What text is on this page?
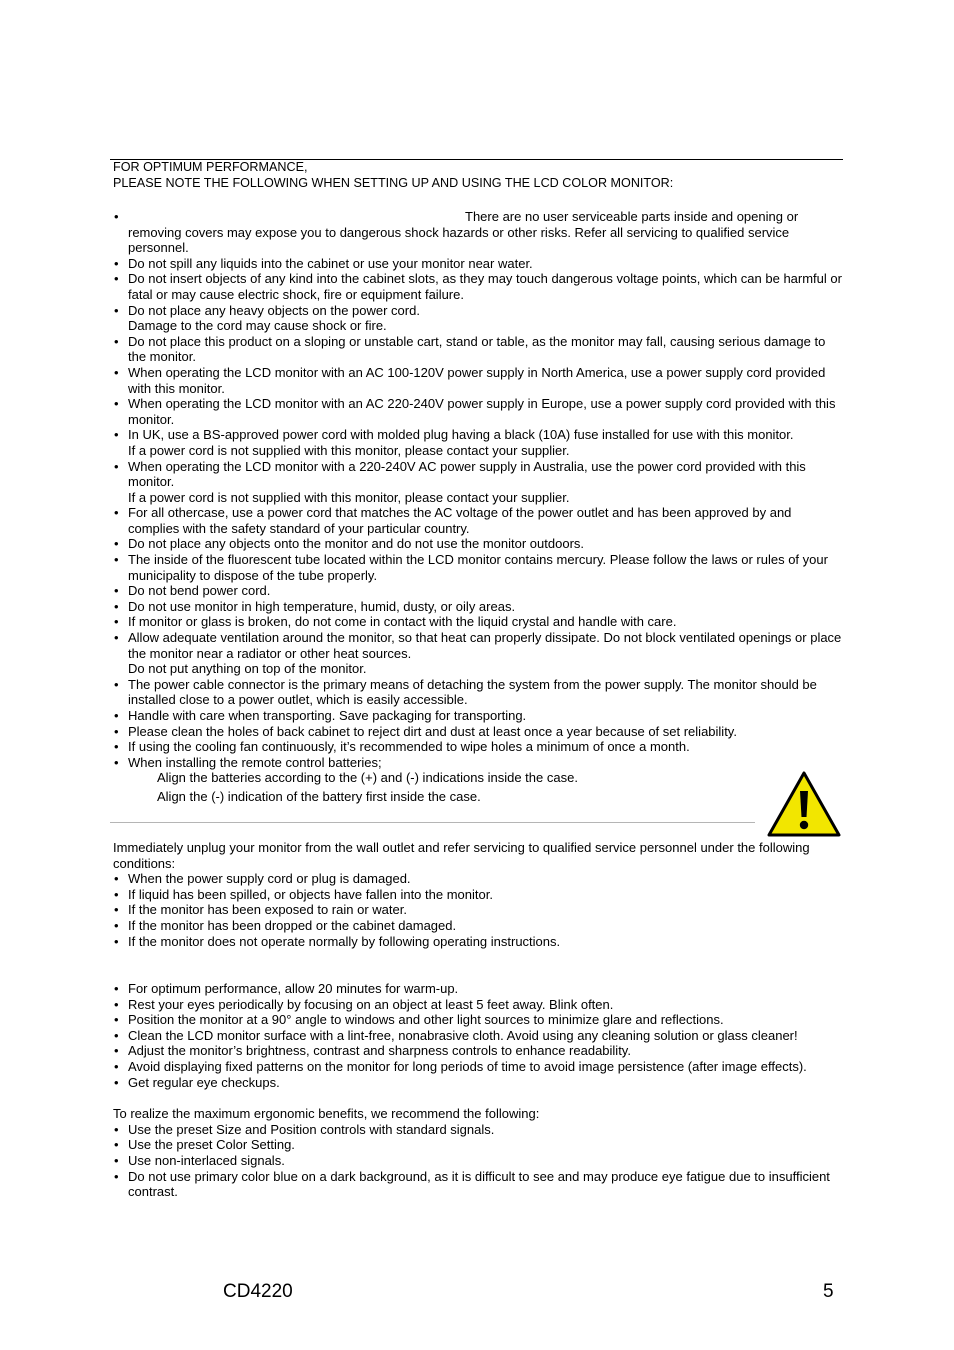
FOR OPTIMUM PERFORMANCE,
PLEASE NOTE THE FOLLOWING WHEN SETTING UP AND USING THE LCD COLOR MONITOR:
• There are no user serviceable parts inside and opening or removing covers may expose you to dangerous shock hazards or other risks. Refer all servicing to qualified service personnel.
• Do not spill any liquids into the cabinet or use your monitor near water.
• Do not insert objects of any kind into the cabinet slots, as they may touch dangerous voltage points, which can be harmful or fatal or may cause electric shock, fire or equipment failure.
• Do not place any heavy objects on the power cord.
Damage to the cord may cause shock or fire.
• Do not place this product on a sloping or unstable cart, stand or table, as the monitor may fall, causing serious damage to the monitor.
• When operating the LCD monitor with an AC 100-120V power supply in North America, use a power supply cord provided with this monitor.
• When operating the LCD monitor with an AC 220-240V power supply in Europe, use a power supply cord provided with this monitor.
• In UK, use a BS-approved power cord with molded plug having a black (10A) fuse installed for use with this monitor.
If a power cord is not supplied with this monitor, please contact your supplier.
• When operating the LCD monitor with a 220-240V AC power supply in Australia, use the power cord provided with this monitor.
If a power cord is not supplied with this monitor, please contact your supplier.
• For all othercase, use a power cord that matches the AC voltage of the power outlet and has been approved by and complies with the safety standard of your particular country.
• Do not place any objects onto the monitor and do not use the monitor outdoors.
• The inside of the fluorescent tube located within the LCD monitor contains mercury. Please follow the laws or rules of your municipality to dispose of the tube properly.
• Do not bend power cord.
• Do not use monitor in high temperature, humid, dusty, or oily areas.
• If monitor or glass is broken, do not come in contact with the liquid crystal and handle with care.
• Allow adequate ventilation around the monitor, so that heat can properly dissipate. Do not block ventilated openings or place the monitor near a radiator or other heat sources.
Do not put anything on top of the monitor.
• The power cable connector is the primary means of detaching the system from the power supply. The monitor should be installed close to a power outlet, which is easily accessible.
• Handle with care when transporting. Save packaging for transporting.
• Please clean the holes of back cabinet to reject dirt and dust at least once a year because of set reliability.
• If using the cooling fan continuously, it’s recommended to wipe holes a minimum of once a month.
• When installing the remote control batteries;
Align the batteries according to the (+) and (-) indications inside the case.
Align the (-) indication of the battery first inside the case.
Immediately unplug your monitor from the wall outlet and refer servicing to qualified service personnel under the following conditions:
• When the power supply cord or plug is damaged.
• If liquid has been spilled, or objects have fallen into the monitor.
• If the monitor has been exposed to rain or water.
• If the monitor has been dropped or the cabinet damaged.
• If the monitor does not operate normally by following operating instructions.
• For optimum performance, allow 20 minutes for warm-up.
• Rest your eyes periodically by focusing on an object at least 5 feet away. Blink often.
• Position the monitor at a 90° angle to windows and other light sources to minimize glare and reflections.
• Clean the LCD monitor surface with a lint-free, nonabrasive cloth. Avoid using any cleaning solution or glass cleaner!
• Adjust the monitor’s brightness, contrast and sharpness controls to enhance readability.
• Avoid displaying fixed patterns on the monitor for long periods of time to avoid image persistence (after image effects).
• Get regular eye checkups.
To realize the maximum ergonomic benefits, we recommend the following:
• Use the preset Size and Position controls with standard signals.
• Use the preset Color Setting.
• Use non-interlaced signals.
• Do not use primary color blue on a dark background, as it is difficult to see and may produce eye fatigue due to insufficient contrast.
CD4220	5
